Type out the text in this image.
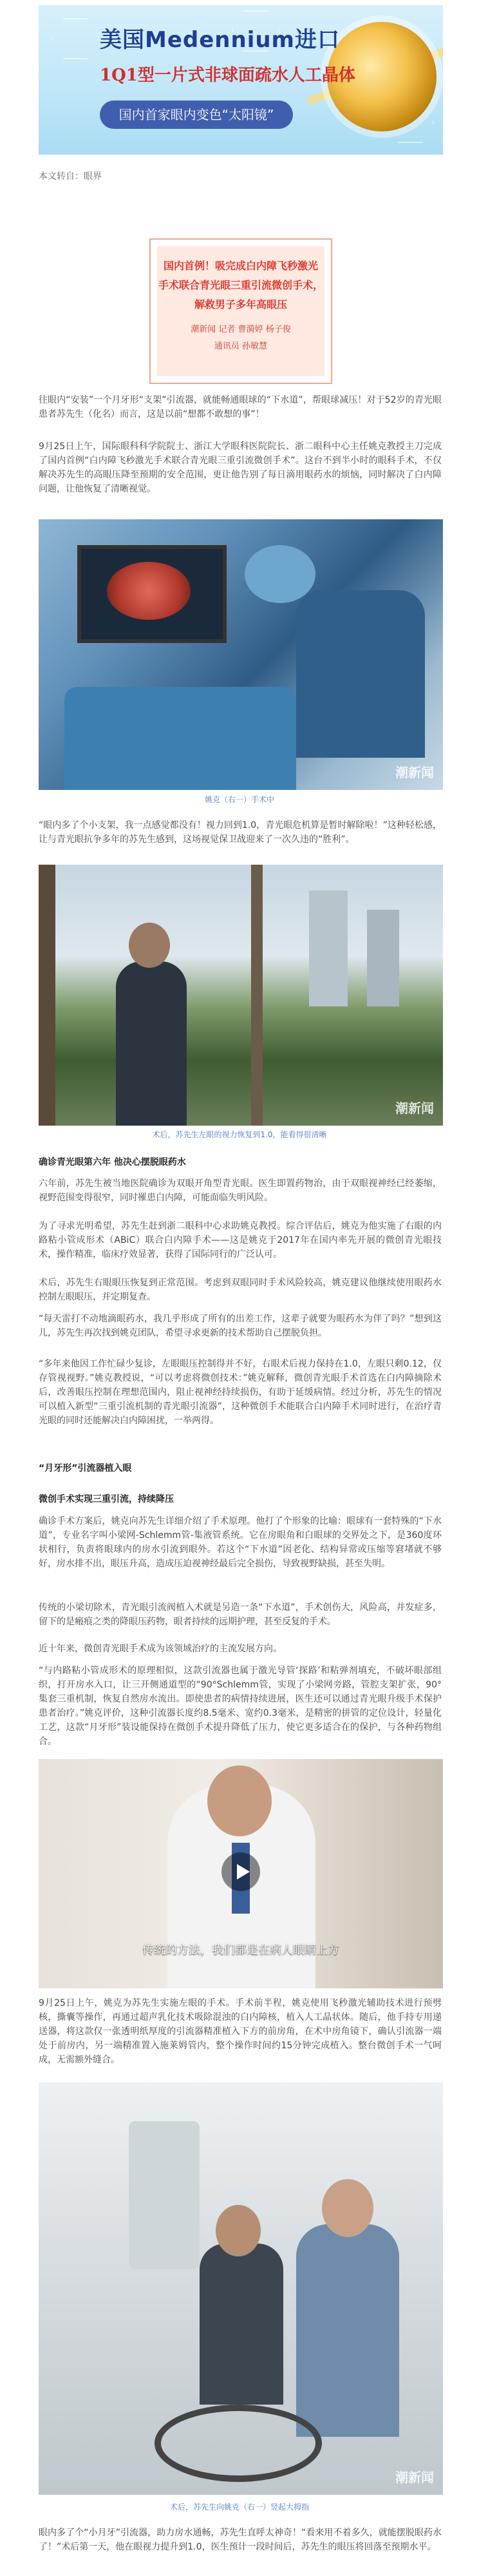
美国Medennium进口
1Q1型一片式非球面疏水人工晶体
国内首家眼内变色“太阳镜”
本文转自：眼界
国内首例！吸完成白内障飞秒激光
手术联合青光眼三重引流微创手术，
解救男子多年高眼压
潮新闻 记者 曹漪婷 杨子俊
通讯员 孙敏慧

往眼内“安装”一个月牙形“支架”引流器，就能畅通眼球的“下水道”，帮眼球减压！对于52岁的青光眼患者苏先生（化名）而言，这是以前“想都不敢想的事”！

9月25日上午，国际眼科科学院院士、浙江大学眼科医院院长、浙二眼科中心主任姚克教授主刀完成了国内首例“白内障飞秒激光手术联合青光眼三重引流微创手术”。这台不到半小时的眼科手术，不仅解决苏先生的高眼压降至预期的安全范围，更让他告别了每日滴用眼药水的烦恼，同时解决了白内障问题，让他恢复了清晰视觉。

潮新闻
姚克（右一）手术中

“眼内多了个小支架，我一点感觉都没有！视力回到1.0，青光眼危机算是暂时解除啦！”这种轻松感，让与青光眼抗争多年的苏先生感到，这场视觉保卫战迎来了一次久违的“胜利”。

潮新闻
术后，苏先生左眼的视力恢复到1.0，能看得很清晰
确诊青光眼第六年 他决心摆脱眼药水

六年前，苏先生被当地医院确诊为双眼开角型青光眼。医生即置药物治，由于双眼视神经已经萎缩，视野范围变得很窄，同时罹患白内障，可能面临失明风险。

为了寻求光明希望，苏先生赶到浙二眼科中心求助姚克教授。综合评估后，姚克为他实施了右眼的内路粘小管成形术（ABiC）联合白内障手术——这是姚克于2017年在国内率先开展的微创青光眼技术，操作精准，临床疗效显著，获得了国际同行的广泛认可。

术后，苏先生右眼眼压恢复到正常范围。考虑到双眼同时手术风险较高，姚克建议他继续使用眼药水控制左眼眼压，并定期复查。

“每天雷打不动地滴眼药水，我几乎形成了所有的出差工作，这辈子就要为眼药水为伴了吗？”想到这儿，苏先生再次找到姚克团队，希望寻求更新的技术帮助自己摆脱负担。

“多年来他因工作忙碌少复诊，左眼眼压控制得并不好，右眼术后视力保持在1.0，左眼只剩0.12，仅存管视视野。”姚克教授说，“可以考虑将微创技术：”姚克解释，微创青光眼手术首选在白内障摘除术后，改善眼压控制在理想范围内，阻止视神经持续损伤，有助于延缓病情。经过分析，苏先生的情况可以植入新型“三重引流机制的青光眼引流器”，这种微创手术能联合白内障手术同时进行，在治疗青光眼的同时还能解决白内障困扰，一举两得。

“月牙形”引流器植入眼
微创手术实现三重引流，持续降压

确诊手术方案后，姚克向苏先生详细介绍了手术原理。他打了个形象的比喻：眼球有一套特殊的“下水道”，专业名字叫小梁网-Schlemm管-集液管系统。它在房眼角和白眼球的交界处之下，是360度环状相行，负责将眼球内的房水引流到眼外。若这个“下水道”因老化、结构异常或压缩等窘堵就不够好，房水排不出，眼压升高，造成压迫视神经最后完全损伤，导致视野缺损，甚至失明。

传统的小梁切除术，青光眼引流阀植入术就是另造一条“下水道”，手术创伤大，风险高，并发症多，留下的是瘢痕之类的降眼压药物，眼者持续的远期护理，甚至反复的手术。

近十年来，微创青光眼手术成为该领域治疗的主流发展方向。

“与内路粘小管成形术的原理相似，这款引流器也属于激光导管‘探路’和粘弹剂填充，不破坏眼部组织，打开房水入口，让三开侧通道型的“90°Schlemm管，实现了小梁网旁路，管腔支架扩张，90°集套三重机制，恢复自然房水流出。即使患者的病情持续进展，医生还可以通过青光眼升级手术保护患者治疗。”姚克评价，这种引流器长度约8.5毫米、宽约0.3毫米，是精密的拼管的定位设计，轻量化工艺，这款“月牙形”装设能保持在微创手术提升降低了压力，使它更多适合在的保护，与各种药物组合。

传统的方法，我们都是在病人眼睛上方

9月25日上午，姚克为苏先生实施左眼的手术。手术前半程，姚克使用飞秒激光辅助技术进行预劈核，撕囊等操作，再通过超声乳化技术吸除混浊的白内障核，植入人工晶状体。随后，他手持专用递送器，将这款仅一张透明纸厚度的引流器精准植入下方的前房角，在术中房角镜下，确认引流器一端处于前房内，另一端精准置入施莱姆管内，整个操作时间约15分钟完成植入。整台微创手术一气呵成，无需额外缝合。

潮新闻
术后，苏先生向姚克（右一）竖起大拇指

眼内多了个“小月牙”引流器，助力房水通畅，苏先生直呼太神奇！“看来用不着多久，就能摆脱眼药水了！”术后第一天，他在眼视力提升到1.0，医生预计一段时间后，苏先生的眼压将回落至预期水平。
